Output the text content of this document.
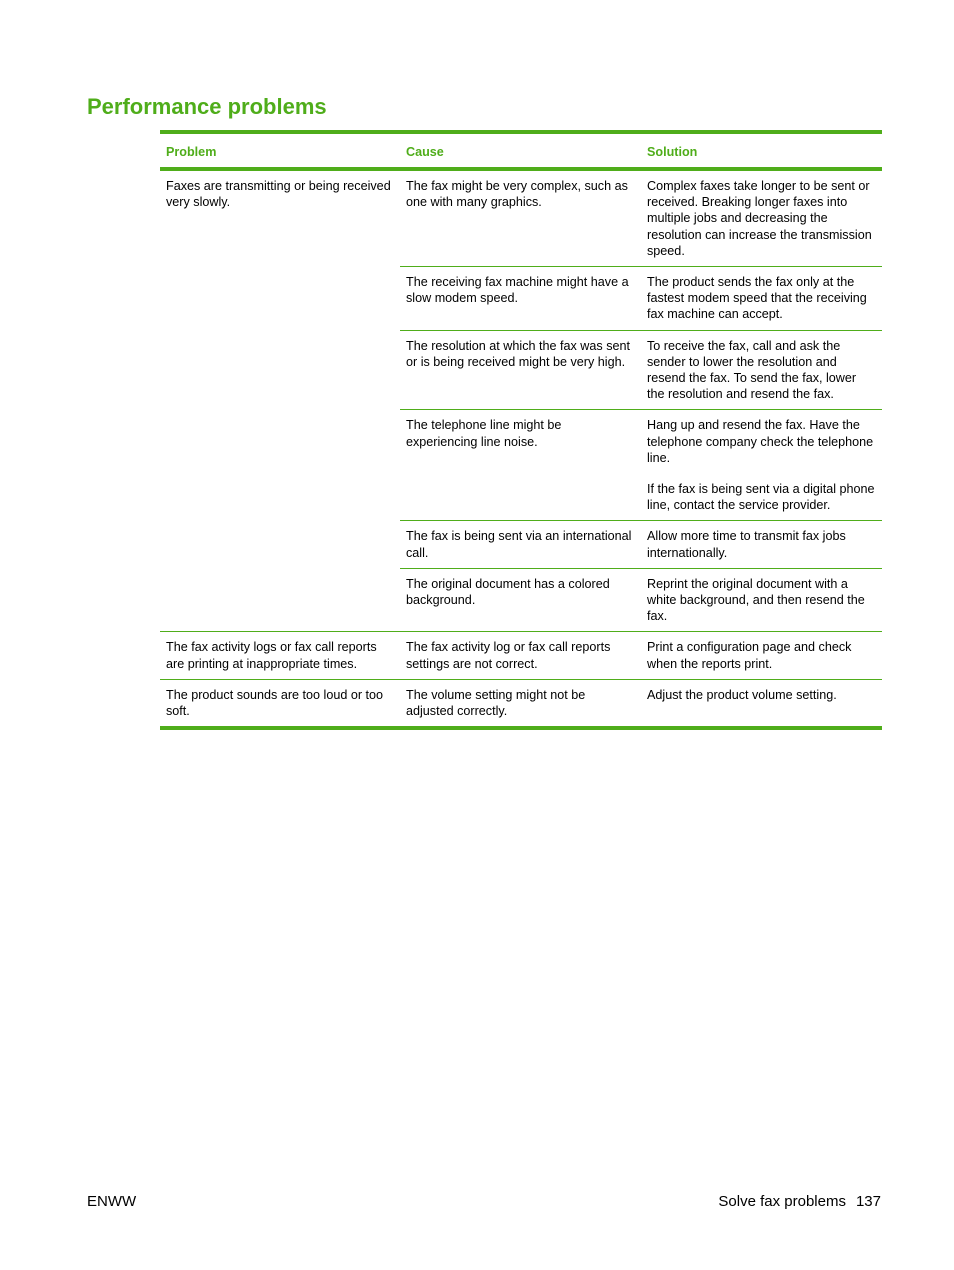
Performance problems
Problem	Cause	Solution
Faxes are transmitting or being received very slowly.	The fax might be very complex, such as one with many graphics.	Complex faxes take longer to be sent or received. Breaking longer faxes into multiple jobs and decreasing the resolution can increase the transmission speed.

	The receiving fax machine might have a slow modem speed.	The product sends the fax only at the fastest modem speed that the receiving fax machine can accept.

	The resolution at which the fax was sent or is being received might be very high.	To receive the fax, call and ask the sender to lower the resolution and resend the fax. To send the fax, lower the resolution and resend the fax.

	The telephone line might be experiencing line noise.	Hang up and resend the fax. Have the telephone company check the telephone line.
If the fax is being sent via a digital phone line, contact the service provider.

	The fax is being sent via an international call.	Allow more time to transmit fax jobs internationally.

	The original document has a colored background.	Reprint the original document with a white background, and then resend the fax.

The fax activity logs or fax call reports are printing at inappropriate times.	The fax activity log or fax call reports settings are not correct.	Print a configuration page and check when the reports print.

The product sounds are too loud or too soft.	The volume setting might not be adjusted correctly.	Adjust the product volume setting.
ENWW	Solve fax problems 137
